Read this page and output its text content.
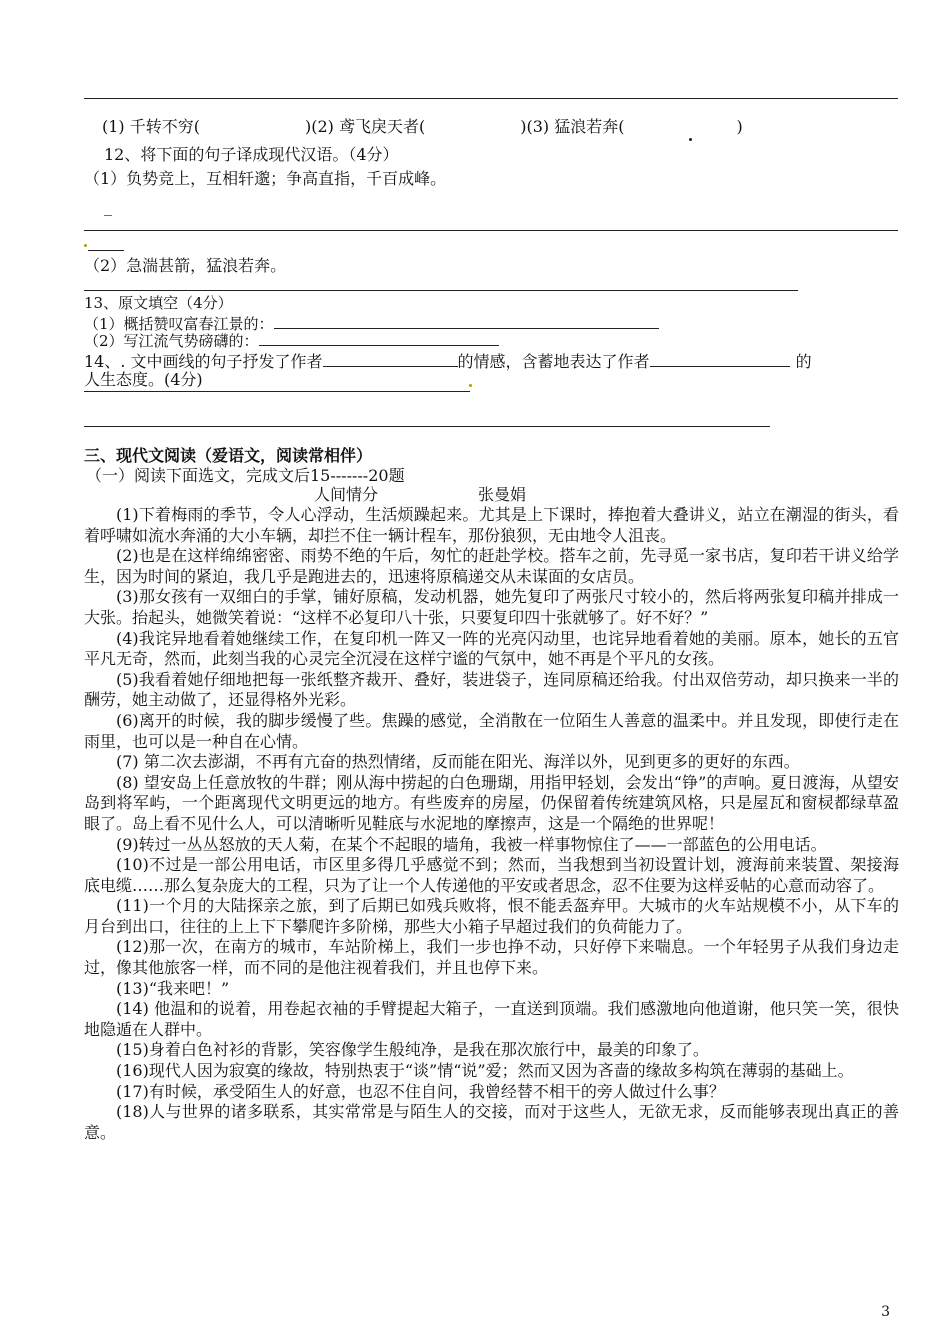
(1) 千转不穷(	)(2) 鸢飞戾天者(	)(3) 猛浪若奔(	)
12、将下面的句子译成现代汉语。（4分）
（1）负势竞上，互相轩邈；争高直指，千百成峰。
_
（2）急湍甚箭，猛浪若奔。
13、原文填空（4分）
（1）概括赞叹富春江景的：
（2）写江流气势磅礴的：
14、. 文中画线的句子抒发了作者	的情感，含蓄地表达了作者	的
人生态度。(4分)
三、现代文阅读（爱语文，阅读常相伴）
（一）阅读下面选文，完成文后15-------20题
人间情分	张曼娟

(1)下着梅雨的季节，令人心浮动，生活烦躁起来。尤其是上下课时，捧抱着大叠讲义，站立在潮湿的街头，看着呼啸如流水奔涌的大小车辆，却拦不住一辆计程车，那份狼狈，无由地令人沮丧。

(2)也是在这样绵绵密密、雨势不绝的午后，匆忙的赶赴学校。搭车之前，先寻觅一家书店，复印若干讲义给学生，因为时间的紧迫，我几乎是跑进去的，迅速将原稿递交从未谋面的女店员。

(3)那女孩有一双细白的手掌，铺好原稿，发动机器，她先复印了两张尺寸较小的，然后将两张复印稿并排成一大张。抬起头，她微笑着说：“这样不必复印八十张，只要复印四十张就够了。好不好？”

(4)我诧异地看着她继续工作，在复印机一阵又一阵的光亮闪动里，也诧异地看着她的美丽。原本，她长的五官平凡无奇，然而，此刻当我的心灵完全沉浸在这样宁谧的气氛中，她不再是个平凡的女孩。

(5)我看着她仔细地把每一张纸整齐裁开、叠好，装进袋子，连同原稿还给我。付出双倍劳动，却只换来一半的酬劳，她主动做了，还显得格外光彩。

(6)离开的时候，我的脚步缓慢了些。焦躁的感觉，全消散在一位陌生人善意的温柔中。并且发现，即使行走在雨里，也可以是一种自在心情。

(7) 第二次去澎湖，不再有亢奋的热烈情绪，反而能在阳光、海洋以外，见到更多的更好的东西。

(8) 望安岛上任意放牧的牛群；刚从海中捞起的白色珊瑚，用指甲轻划，会发出“铮”的声响。夏日渡海，从望安岛到将军屿，一个距离现代文明更远的地方。有些废弃的房屋，仍保留着传统建筑风格，只是屋瓦和窗棂都绿草盈眼了。岛上看不见什么人，可以清晰听见鞋底与水泥地的摩擦声，这是一个隔绝的世界呢！

(9)转过一丛丛怒放的天人菊，在某个不起眼的墙角，我被一样事物惊住了——一部蓝色的公用电话。

(10)不过是一部公用电话，市区里多得几乎感觉不到；然而，当我想到当初设置计划，渡海前来装置、架接海底电缆……那么复杂庞大的工程，只为了让一个人传递他的平安或者思念，忍不住要为这样妥帖的心意而动容了。

(11)一个月的大陆探亲之旅，到了后期已如残兵败将，恨不能丢盔弃甲。大城市的火车站规模不小，从下车的月台到出口，往往的上上下下攀爬许多阶梯，那些大小箱子早超过我们的负荷能力了。

(12)那一次，在南方的城市，车站阶梯上，我们一步也挣不动，只好停下来喘息。一个年轻男子从我们身边走过，像其他旅客一样，而不同的是他注视着我们，并且也停下来。

(13)“我来吧！”

(14) 他温和的说着，用卷起衣袖的手臂提起大箱子，一直送到顶端。我们感激地向他道谢，他只笑一笑，很快地隐遁在人群中。

(15)身着白色衬衫的背影，笑容像学生般纯净，是我在那次旅行中，最美的印象了。

(16)现代人因为寂寞的缘故，特别热衷于“谈”情“说”爱；然而又因为吝啬的缘故多构筑在薄弱的基础上。

(17)有时候，承受陌生人的好意，也忍不住自问，我曾经替不相干的旁人做过什么事？

(18)人与世界的诸多联系，其实常常是与陌生人的交接，而对于这些人，无欲无求，反而能够表现出真正的善意。

3
